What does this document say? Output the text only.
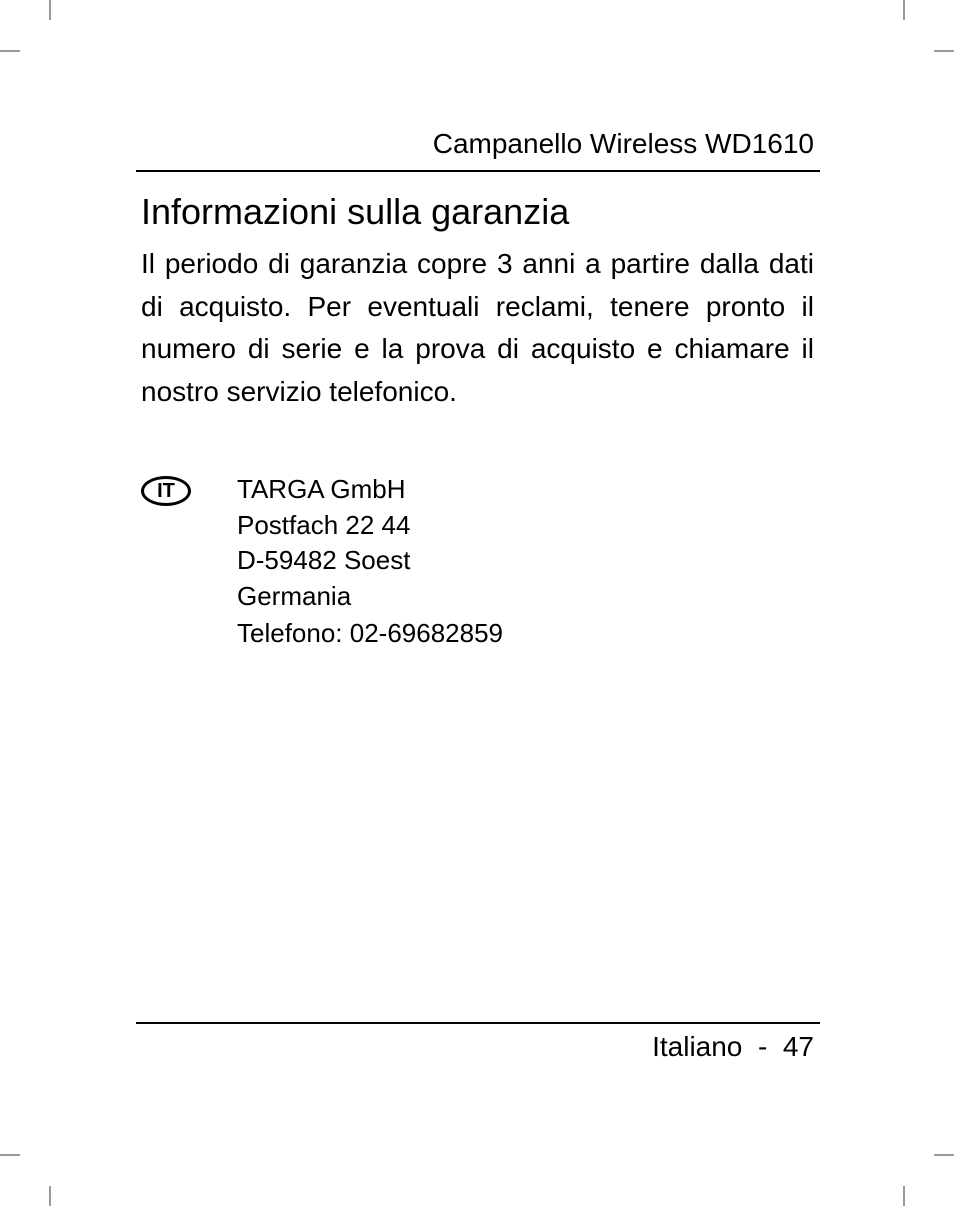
Campanello Wireless WD1610
Informazioni sulla garanzia

Il periodo di garanzia copre 3 anni a partire dalla dati di acquisto. Per eventuali reclami, tenere pronto il numero di serie e la prova di acquisto e chiamare il nostro servizio telefonico.

IT	TARGA GmbH
Postfach 22 44
D-59482 Soest
Germania
Telefono: 02-69682859
Italiano - 47
